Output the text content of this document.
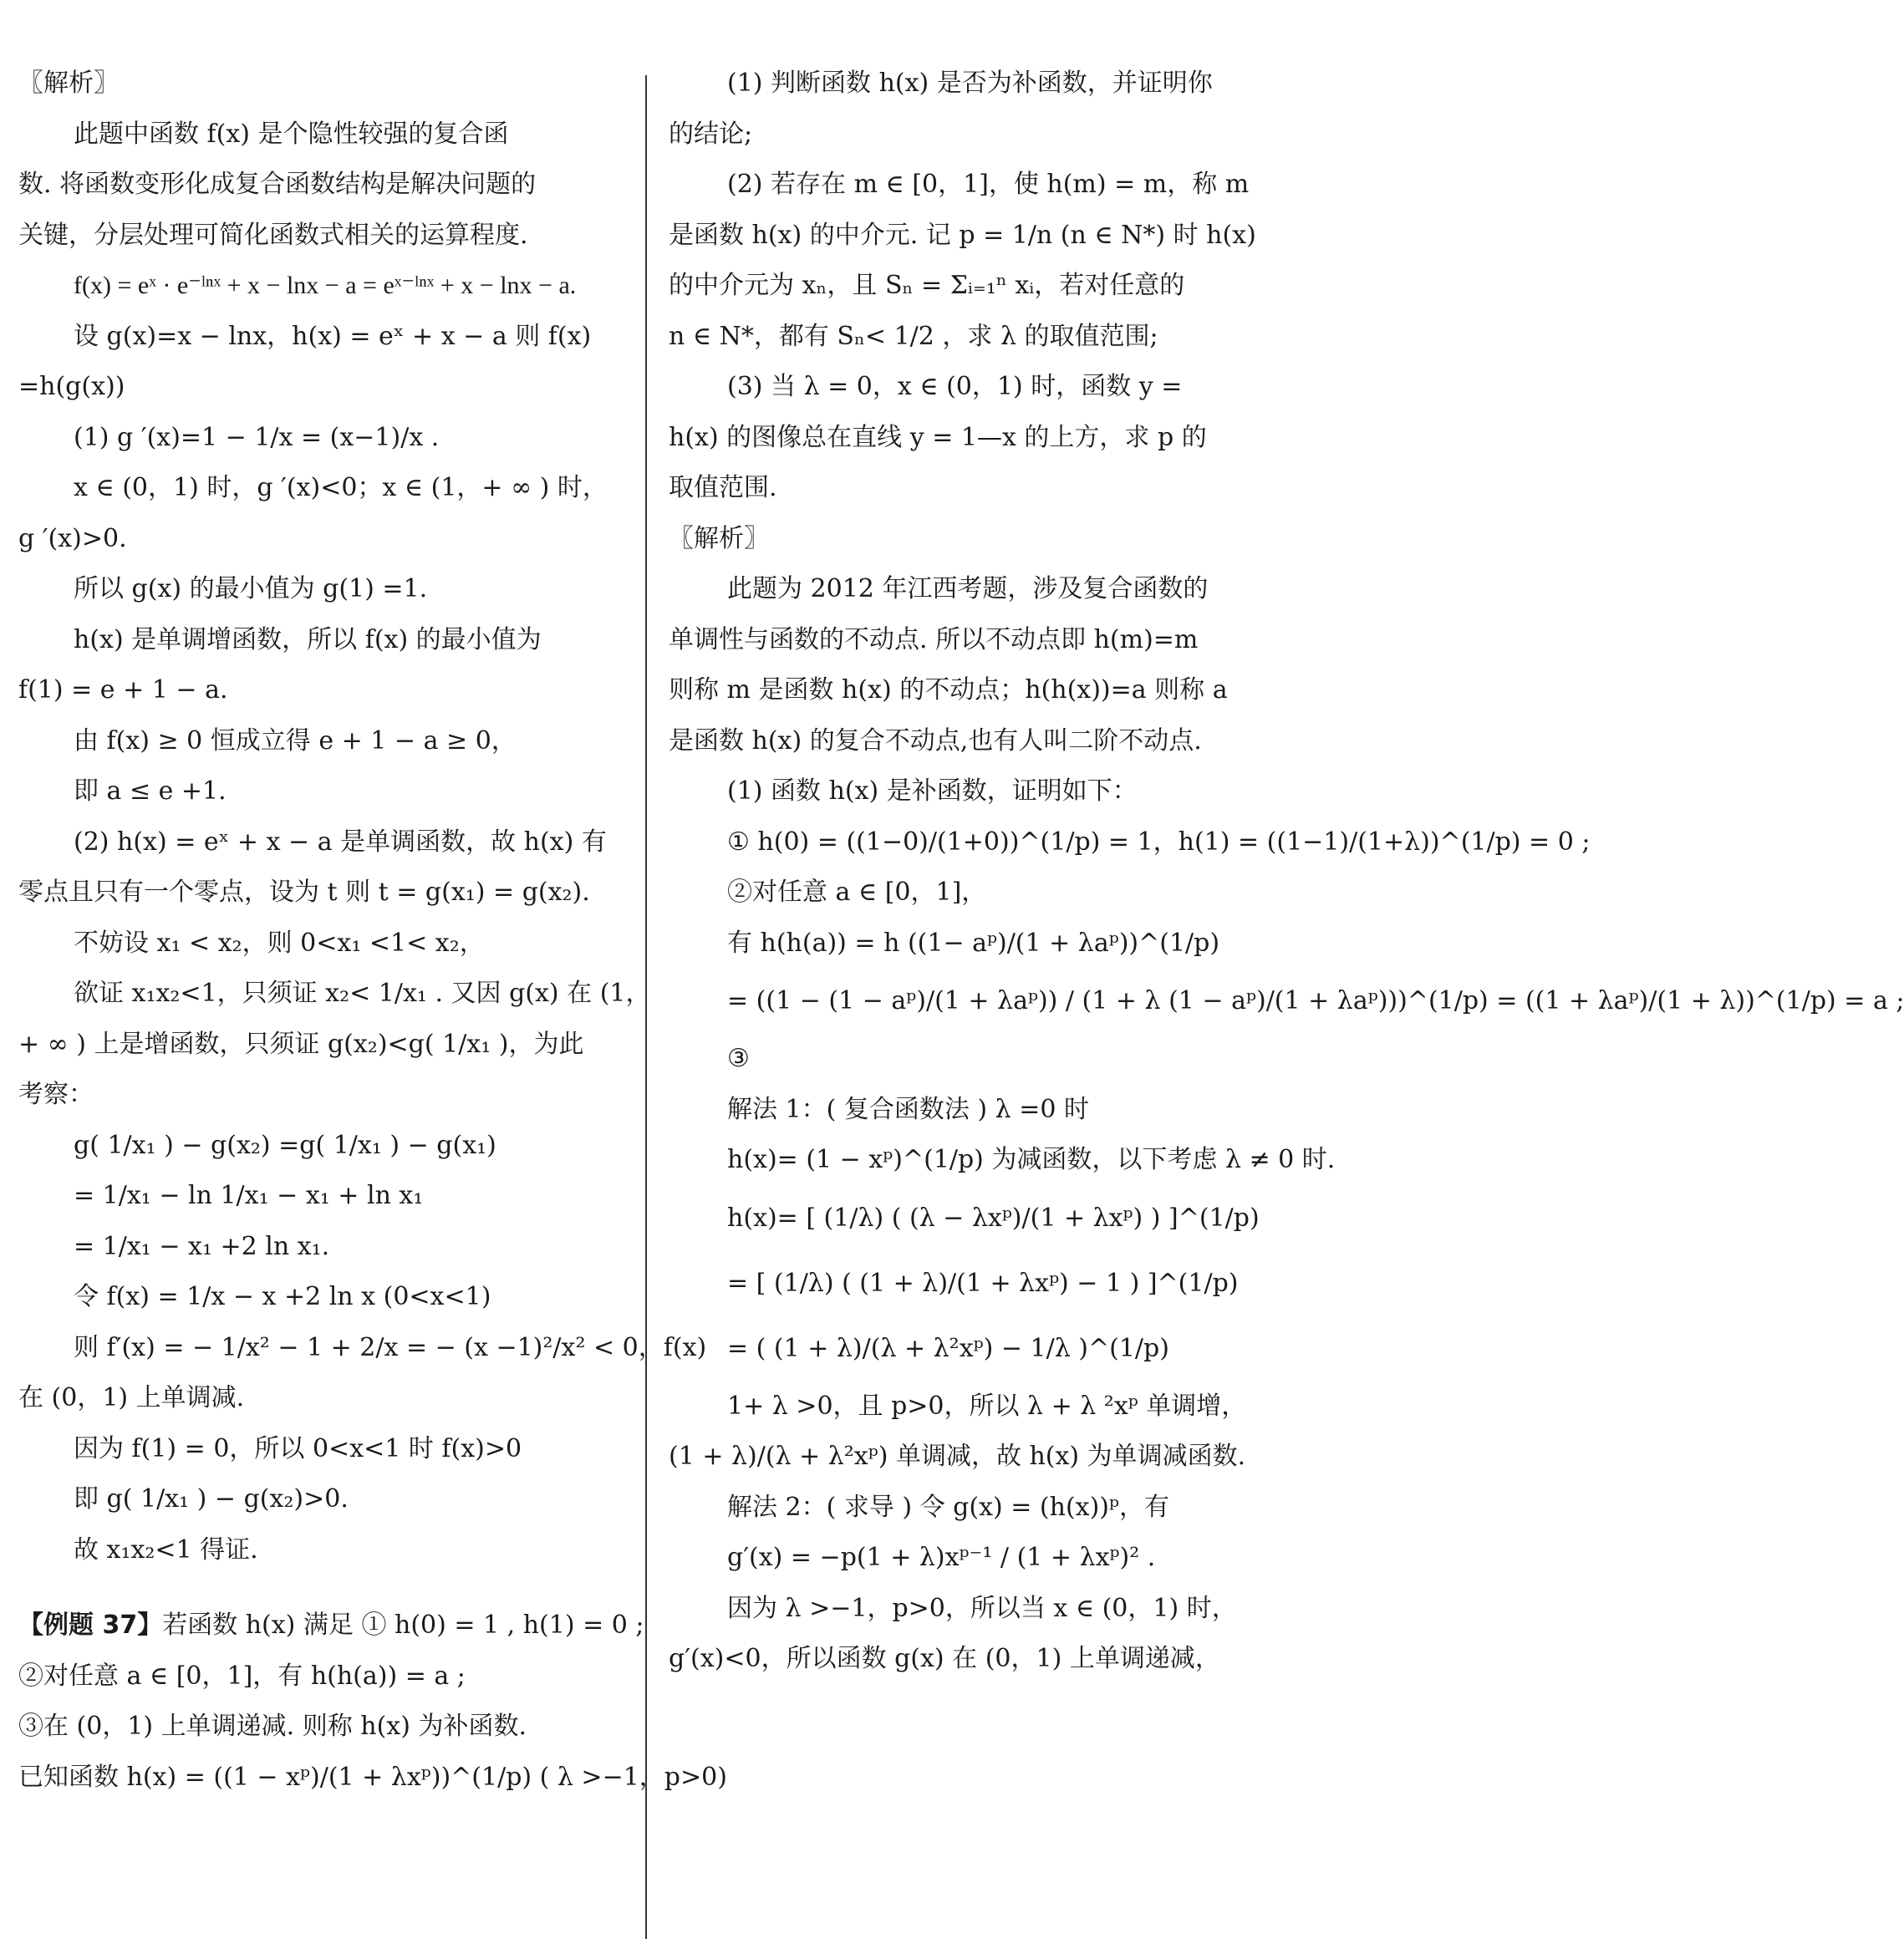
〖解析〗
此题中函数 f(x) 是个隐性较强的复合函
数. 将函数变形化成复合函数结构是解决问题的
关键，分层处理可简化函数式相关的运算程度.
f(x) = eˣ · e⁻ˡⁿˣ + x − lnx − a = eˣ⁻ˡⁿˣ + x − lnx − a.
设 g(x)=x − lnx，h(x) = eˣ + x − a 则 f(x)
=h(g(x))
(1) g ′(x)=1 − 1/x = (x−1)/x .
x ∈ (0，1) 时，g ′(x)<0；x ∈ (1，+ ∞ ) 时，
g ′(x)>0.
所以 g(x) 的最小值为 g(1) =1.
h(x) 是单调增函数，所以 f(x) 的最小值为
f(1) = e + 1 − a.
由 f(x) ≥ 0 恒成立得 e + 1 − a ≥ 0，
即 a ≤ e +1.
(2) h(x) = eˣ + x − a 是单调函数，故 h(x) 有
零点且只有一个零点，设为 t 则 t = g(x₁) = g(x₂).
不妨设 x₁ < x₂，则 0<x₁ <1< x₂，
欲证 x₁x₂<1，只须证 x₂< 1/x₁ . 又因 g(x) 在 (1，
+ ∞ ) 上是增函数，只须证 g(x₂)<g( 1/x₁ )，为此
考察：
g( 1/x₁ ) − g(x₂) =g( 1/x₁ ) − g(x₁)
= 1/x₁ − ln 1/x₁ − x₁ + ln x₁
= 1/x₁ − x₁ +2 ln x₁.
令 f(x) = 1/x − x +2 ln x (0<x<1)
则 f′(x) = − 1/x² − 1 + 2/x = − (x −1)²/x² < 0，f(x)
在 (0，1) 上单调减.
因为 f(1) = 0，所以 0<x<1 时 f(x)>0
即 g( 1/x₁ ) − g(x₂)>0.
故 x₁x₂<1 得证.
【例题 37】若函数 h(x) 满足 ① h(0) = 1 , h(1) = 0 ;
②对任意 a ∈ [0，1]，有 h(h(a)) = a ;
③在 (0，1) 上单调递减. 则称 h(x) 为补函数.
已知函数 h(x) = ((1 − xᵖ)/(1 + λxᵖ))^(1/p) ( λ >−1，p>0)
(1) 判断函数 h(x) 是否为补函数，并证明你
的结论;
(2) 若存在 m ∈ [0，1]，使 h(m) = m，称 m
是函数 h(x) 的中介元. 记 p = 1/n (n ∈ N*) 时 h(x)
的中介元为 xₙ，且 Sₙ = Σᵢ₌₁ⁿ xᵢ，若对任意的
n ∈ N*，都有 Sₙ< 1/2 ，求 λ 的取值范围;
(3) 当 λ = 0，x ∈ (0，1) 时，函数 y =
h(x) 的图像总在直线 y = 1—x 的上方，求 p 的
取值范围.
〖解析〗
此题为 2012 年江西考题，涉及复合函数的
单调性与函数的不动点. 所以不动点即 h(m)=m
则称 m 是函数 h(x) 的不动点；h(h(x))=a 则称 a
是函数 h(x) 的复合不动点,也有人叫二阶不动点.
(1) 函数 h(x) 是补函数，证明如下：
① h(0) = ((1−0)/(1+0))^(1/p) = 1，h(1) = ((1−1)/(1+λ))^(1/p) = 0 ;
②对任意 a ∈ [0，1]，
有 h(h(a)) = h ((1− aᵖ)/(1 + λaᵖ))^(1/p)
= ((1 − (1 − aᵖ)/(1 + λaᵖ)) / (1 + λ (1 − aᵖ)/(1 + λaᵖ)))^(1/p) = ((1 + λaᵖ)/(1 + λ))^(1/p) = a ;
③
解法 1：( 复合函数法 ) λ =0 时
h(x)= (1 − xᵖ)^(1/p) 为减函数，以下考虑 λ ≠ 0 时.
h(x)= [ (1/λ) ( (λ − λxᵖ)/(1 + λxᵖ) ) ]^(1/p)
= [ (1/λ) ( (1 + λ)/(1 + λxᵖ) − 1 ) ]^(1/p)
= ( (1 + λ)/(λ + λ²xᵖ) − 1/λ )^(1/p)
1+ λ >0，且 p>0，所以 λ + λ ²xᵖ 单调增，
(1 + λ)/(λ + λ²xᵖ) 单调减，故 h(x) 为单调减函数.
解法 2：( 求导 ) 令 g(x) = (h(x))ᵖ，有
g′(x) = −p(1 + λ)xᵖ⁻¹ / (1 + λxᵖ)² .
因为 λ >−1，p>0，所以当 x ∈ (0，1) 时，
g′(x)<0，所以函数 g(x) 在 (0，1) 上单调递减，
